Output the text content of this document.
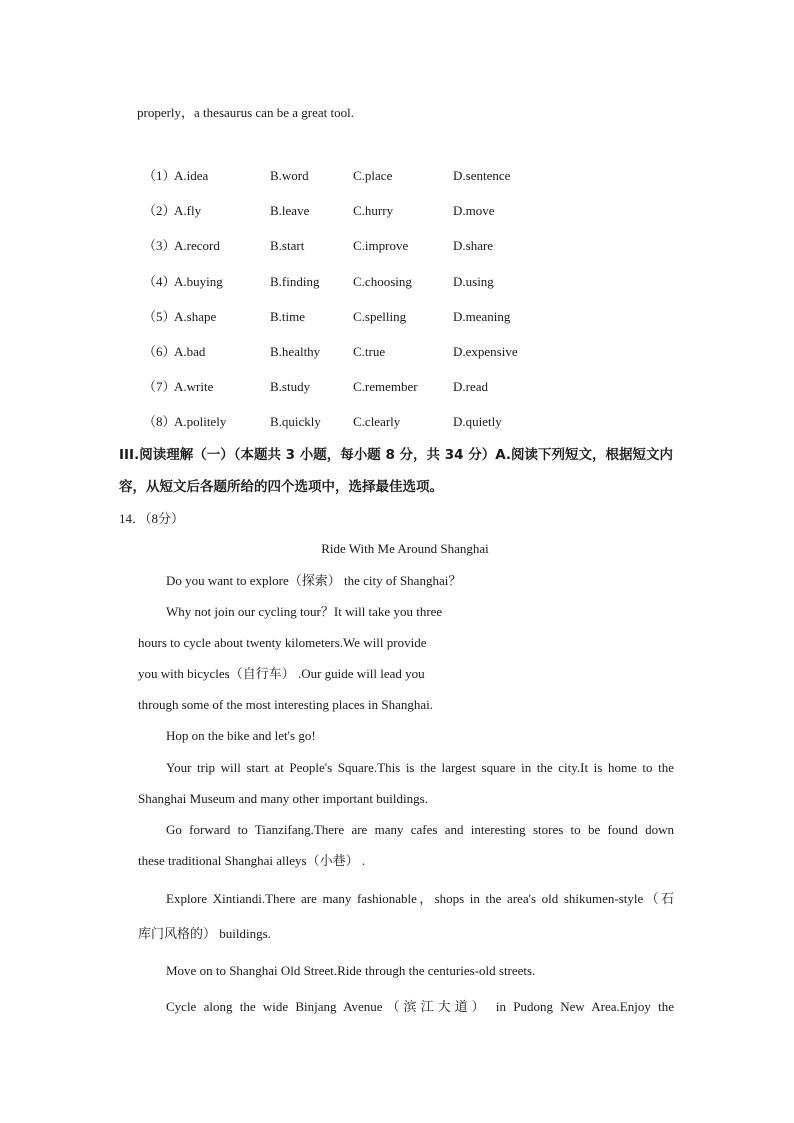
properly，a thesaurus can be a great tool.
（1）
A.idea	B.word	C.place	D.sentence
（2）
A.fly	B.leave	C.hurry	D.move
（3）
A.record	B.start	C.improve	D.share
（4）
A.buying	B.finding	C.choosing	D.using
（5）
A.shape	B.time	C.spelling	D.meaning
（6）
A.bad	B.healthy	C.true	D.expensive
（7）
A.write	B.study	C.remember	D.read
（8）
A.politely	B.quickly C.clearly	D.quietly
III.阅读理解（一）（本题共 3 小题，每小题 8 分，共 34 分）A.阅读下列短文，根据短文内
容，从短文后各题所给的四个选项中，选择最佳选项。
14．（8分）
Ride With Me Around Shanghai
Do you want to explore（探索） the city of Shanghai？
Why not join our cycling tour？It will take you three
hours to cycle about twenty kilometers.We will provide
you with bicycles（自行车） .Our guide will lead you
through some of the most interesting places in Shanghai.
Hop on the bike and let's go!
Your trip will start at People's Square.This is the largest square in the city.It is home to the
Shanghai Museum and many other important buildings.
Go forward to Tianzifang.There are many cafes and interesting stores to be found down
these traditional Shanghai alleys（小巷） .
Explore Xintiandi.There are many fashionable，shops in the area's old shikumen-style（石
库门风格的） buildings.
Move on to Shanghai Old Street.Ride through the centuries-old streets.
Cycle along the wide Binjang Avenue（滨江大道） in Pudong New Area.Enjoy the
